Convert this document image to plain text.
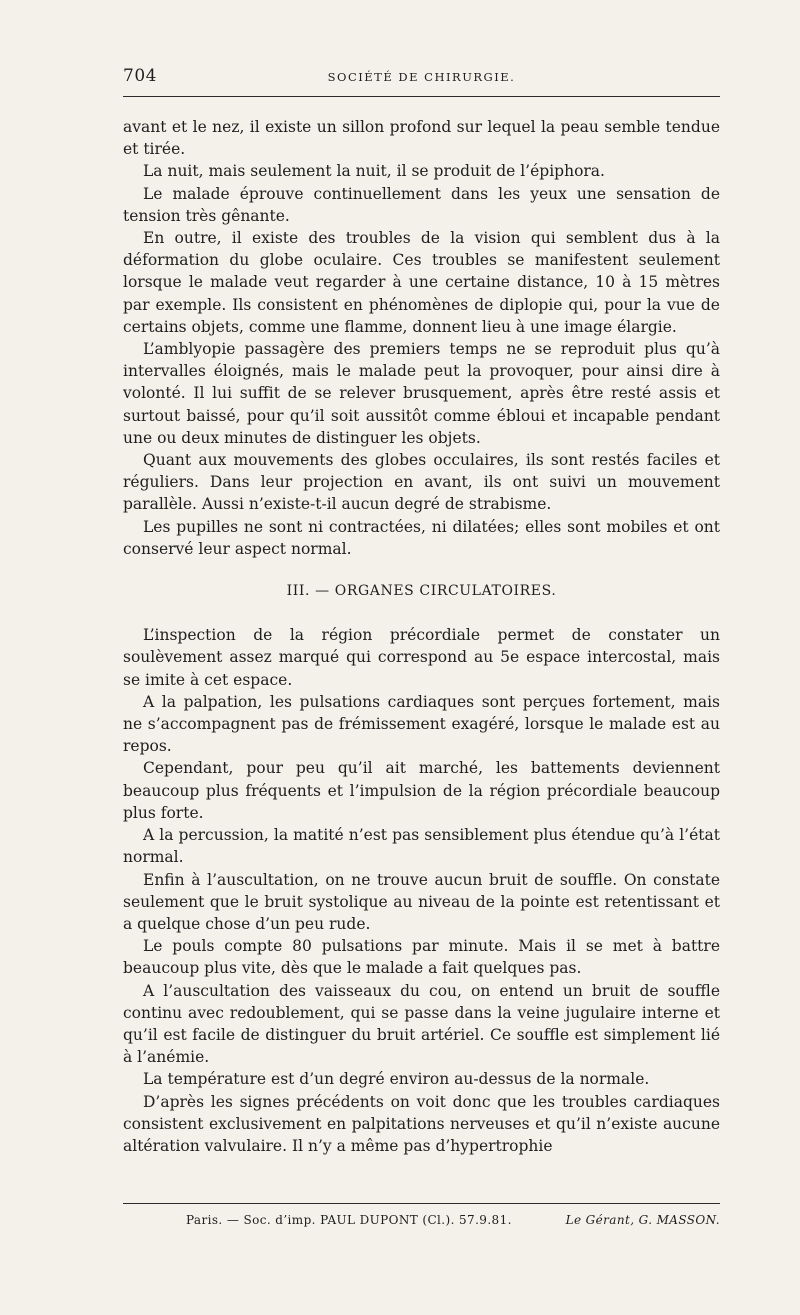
704	SOCIÉTÉ DE CHIRURGIE.

avant et le nez, il existe un sillon profond sur lequel la peau semble tendue et tirée.

La nuit, mais seulement la nuit, il se produit de l’épiphora.

Le malade éprouve continuellement dans les yeux une sensation de tension très gênante.

En outre, il existe des troubles de la vision qui semblent dus à la déformation du globe oculaire. Ces troubles se manifestent seulement lorsque le malade veut regarder à une certaine distance, 10 à 15 mètres par exemple. Ils consistent en phénomènes de diplopie qui, pour la vue de certains objets, comme une flamme, donnent lieu à une image élargie.

L’amblyopie passagère des premiers temps ne se reproduit plus qu’à intervalles éloignés, mais le malade peut la provoquer, pour ainsi dire à volonté. Il lui suffit de se relever brusquement, après être resté assis et surtout baissé, pour qu’il soit aussitôt comme ébloui et incapable pendant une ou deux minutes de distinguer les objets.

Quant aux mouvements des globes occulaires, ils sont restés faciles et réguliers. Dans leur projection en avant, ils ont suivi un mouvement parallèle. Aussi n’existe-t-il aucun degré de strabisme.

Les pupilles ne sont ni contractées, ni dilatées; elles sont mobiles et ont conservé leur aspect normal.

III. — ORGANES CIRCULATOIRES.

L’inspection de la région précordiale permet de constater un soulèvement assez marqué qui correspond au 5e espace intercostal, mais se imite à cet espace.

A la palpation, les pulsations cardiaques sont perçues fortement, mais ne s’accompagnent pas de frémissement exagéré, lorsque le malade est au repos.

Cependant, pour peu qu’il ait marché, les battements deviennent beaucoup plus fréquents et l’impulsion de la région précordiale beaucoup plus forte.

A la percussion, la matité n’est pas sensiblement plus étendue qu’à l’état normal.

Enfin à l’auscultation, on ne trouve aucun bruit de souffle. On constate seulement que le bruit systolique au niveau de la pointe est retentissant et a quelque chose d’un peu rude.

Le pouls compte 80 pulsations par minute. Mais il se met à battre beaucoup plus vite, dès que le malade a fait quelques pas.

A l’auscultation des vaisseaux du cou, on entend un bruit de souffle continu avec redoublement, qui se passe dans la veine jugulaire interne et qu’il est facile de distinguer du bruit artériel. Ce souffle est simplement lié à l’anémie.

La température est d’un degré environ au-dessus de la normale.

D’après les signes précédents on voit donc que les troubles cardiaques consistent exclusivement en palpitations nerveuses et qu’il n’existe aucune altération valvulaire. Il n’y a même pas d’hypertrophie

Paris. — Soc. d’imp. PAUL DUPONT (Cl.). 57.9.81.	Le Gérant, G. MASSON.
